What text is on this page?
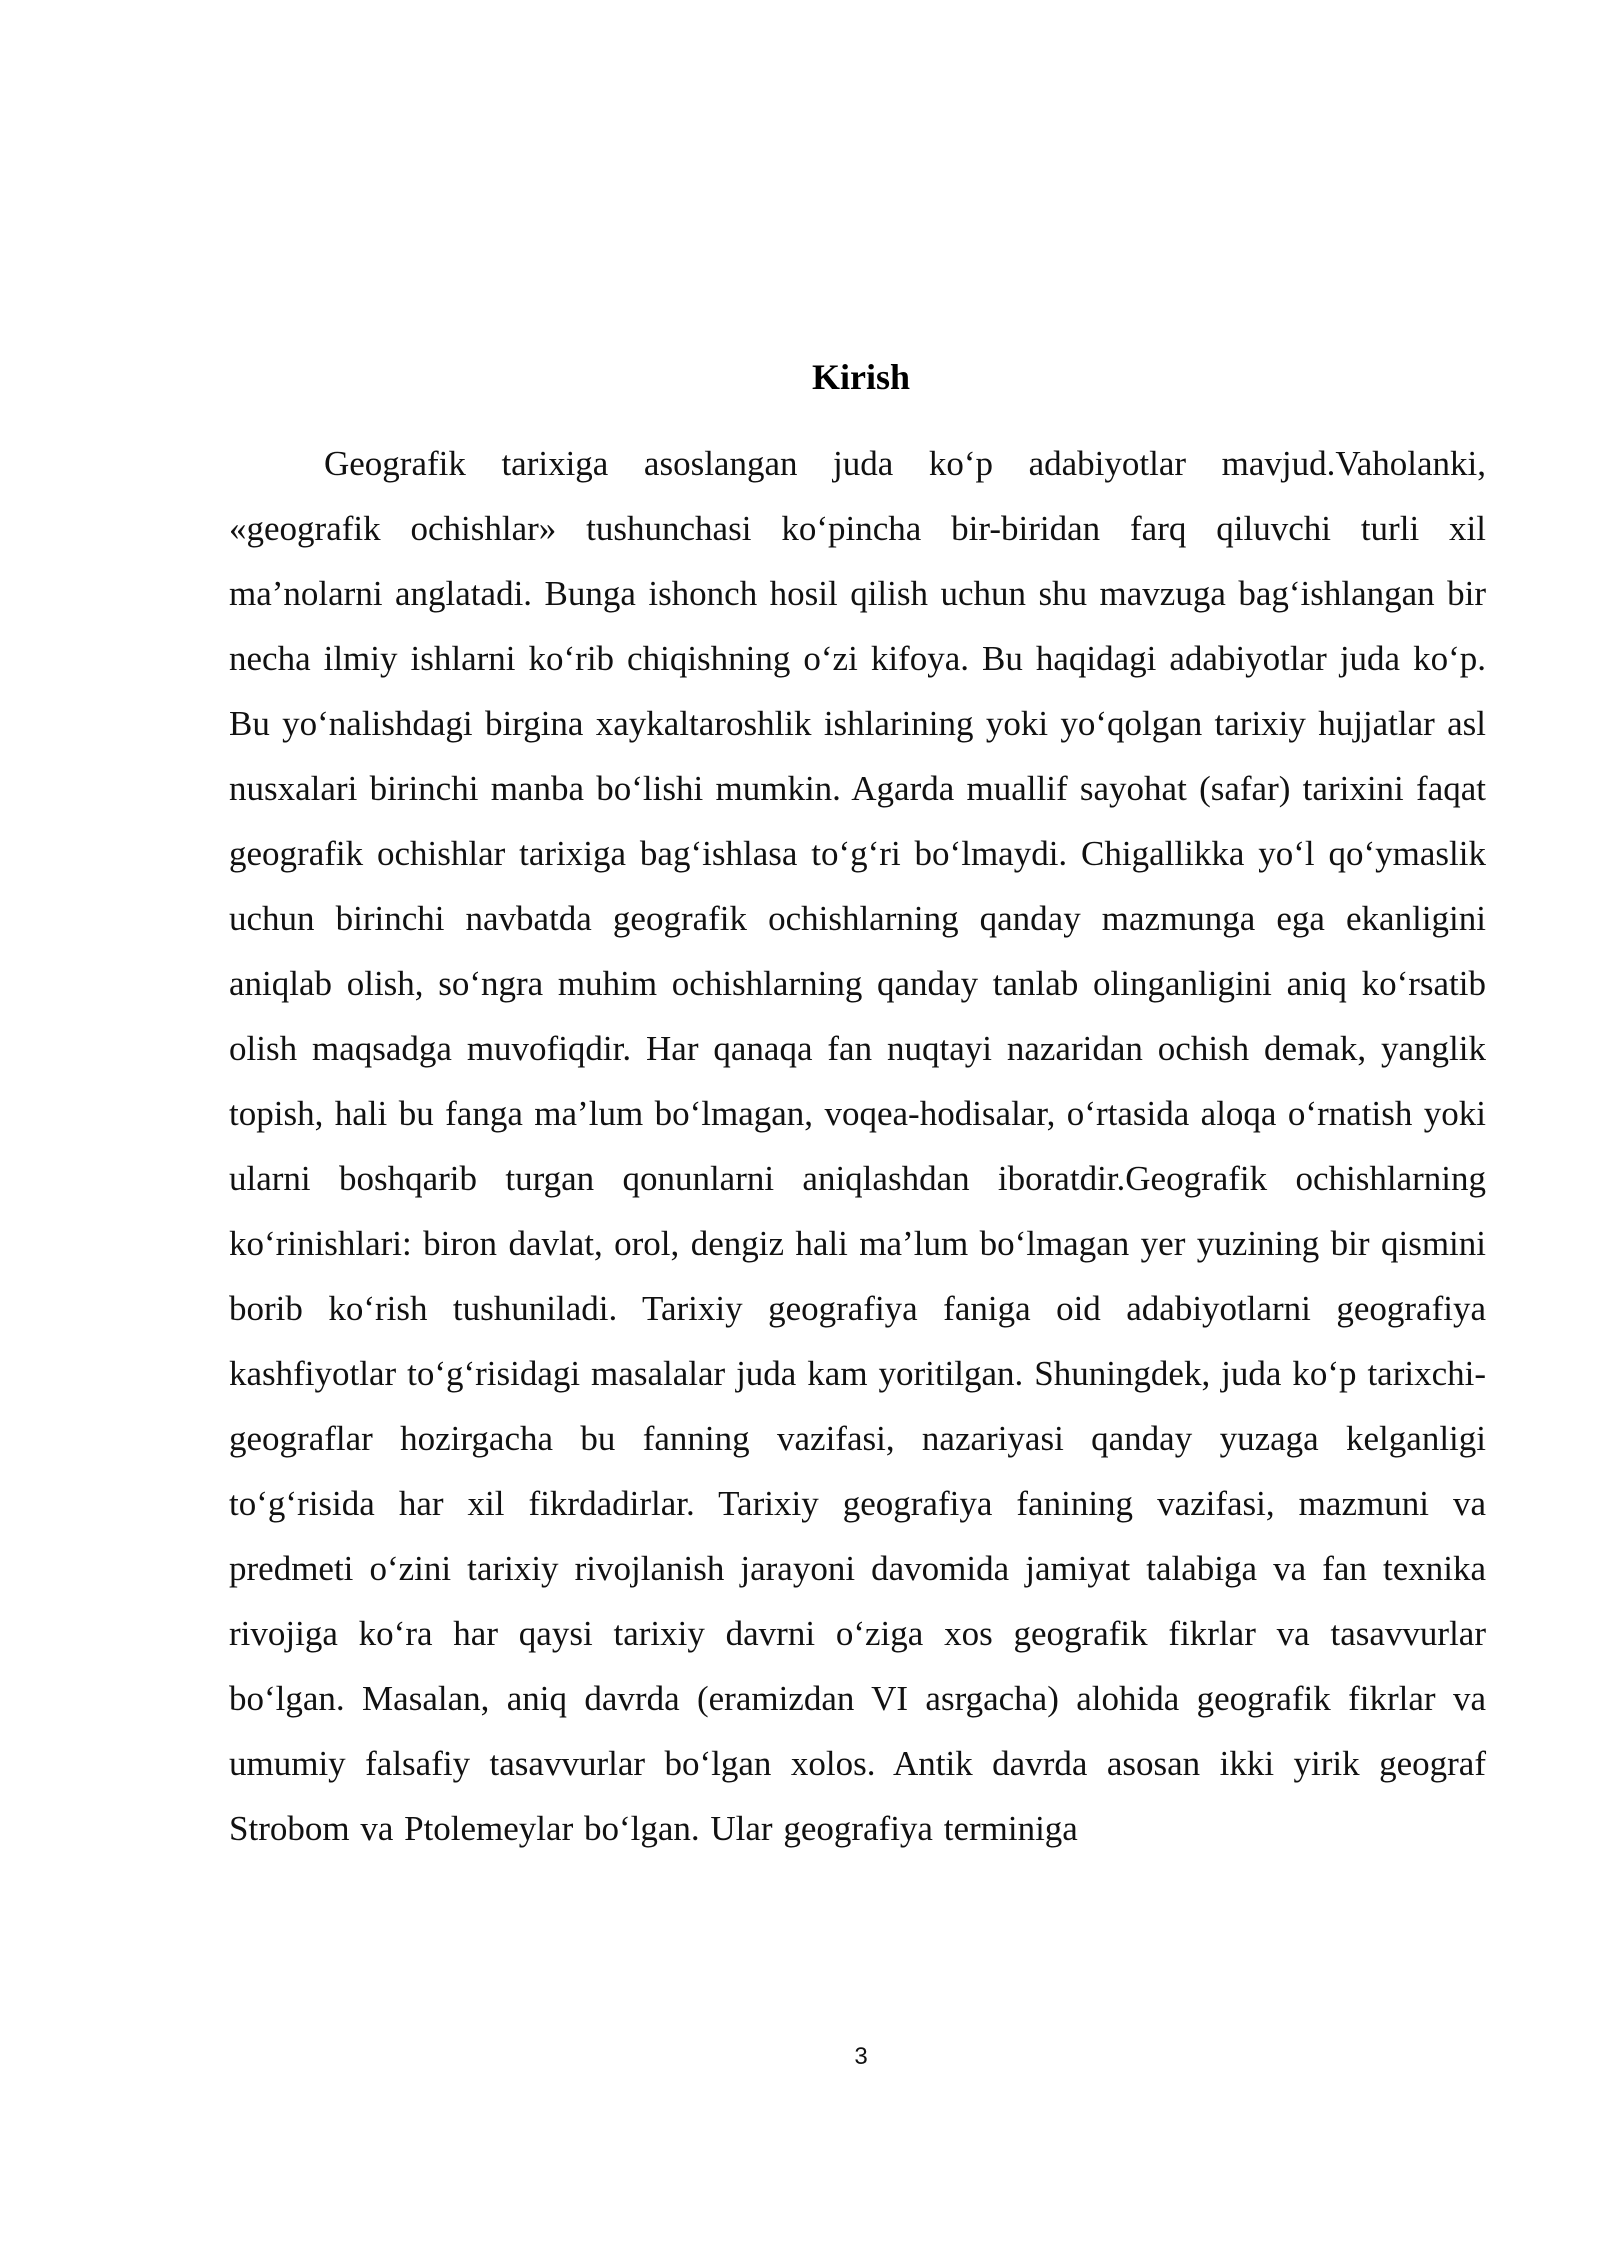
Kirish

Geografik tarixiga asoslangan juda koʻp adabiyotlar mavjud.Vaholanki, «geografik ochishlar» tushunchasi koʻpincha bir-biridan farq qiluvchi turli xil ma’nolarni anglatadi. Bunga ishonch hosil qilish uchun shu mavzuga bagʻishlangan bir necha ilmiy ishlarni koʻrib chiqishning oʻzi kifoya. Bu haqidagi adabiyotlar juda koʻp. Bu yoʻnalishdagi birgina xaykaltaroshlik ishlarining yoki yoʻqolgan tarixiy hujjatlar asl nusxalari birinchi manba boʻlishi mumkin. Agarda muallif sayohat (safar) tarixini faqat geografik ochishlar tarixiga bagʻishlasa toʻgʻri boʻlmaydi. Chigallikka yoʻl qoʻymaslik uchun birinchi navbatda geografik ochishlarning qanday mazmunga ega ekanligini aniqlab olish, soʻngra muhim ochishlarning qanday tanlab olinganligini aniq koʻrsatib olish maqsadga muvofiqdir. Har qanaqa fan nuqtayi nazaridan ochish demak, yanglik topish, hali bu fanga ma’lum boʻlmagan, voqea-hodisalar, oʻrtasida aloqa oʻrnatish yoki ularni boshqarib turgan qonunlarni aniqlashdan iboratdir.Geografik ochishlarning koʻrinishlari: biron davlat, orol, dengiz hali ma’lum boʻlmagan yer yuzining bir qismini borib koʻrish tushuniladi. Tarixiy geografiya faniga oid adabiyotlarni geografiya kashfiyotlar toʻgʻrisidagi masalalar juda kam yoritilgan. Shuningdek, juda koʻp tarixchi-geograflar hozirgacha bu fanning vazifasi, nazariyasi qanday yuzaga kelganligi toʻgʻrisida har xil fikrdadirlar. Tarixiy geografiya fanining vazifasi, mazmuni va predmeti oʻzini tarixiy rivojlanish jarayoni davomida jamiyat talabiga va fan texnika rivojiga koʻra har qaysi tarixiy davrni oʻziga xos geografik fikrlar va tasavvurlar boʻlgan. Masalan, aniq davrda (eramizdan VI asrgacha) alohida geografik fikrlar va umumiy falsafiy tasavvurlar boʻlgan xolos. Antik davrda asosan ikki yirik geograf Strobom va Ptolemeylar boʻlgan. Ular geografiya terminiga

3
